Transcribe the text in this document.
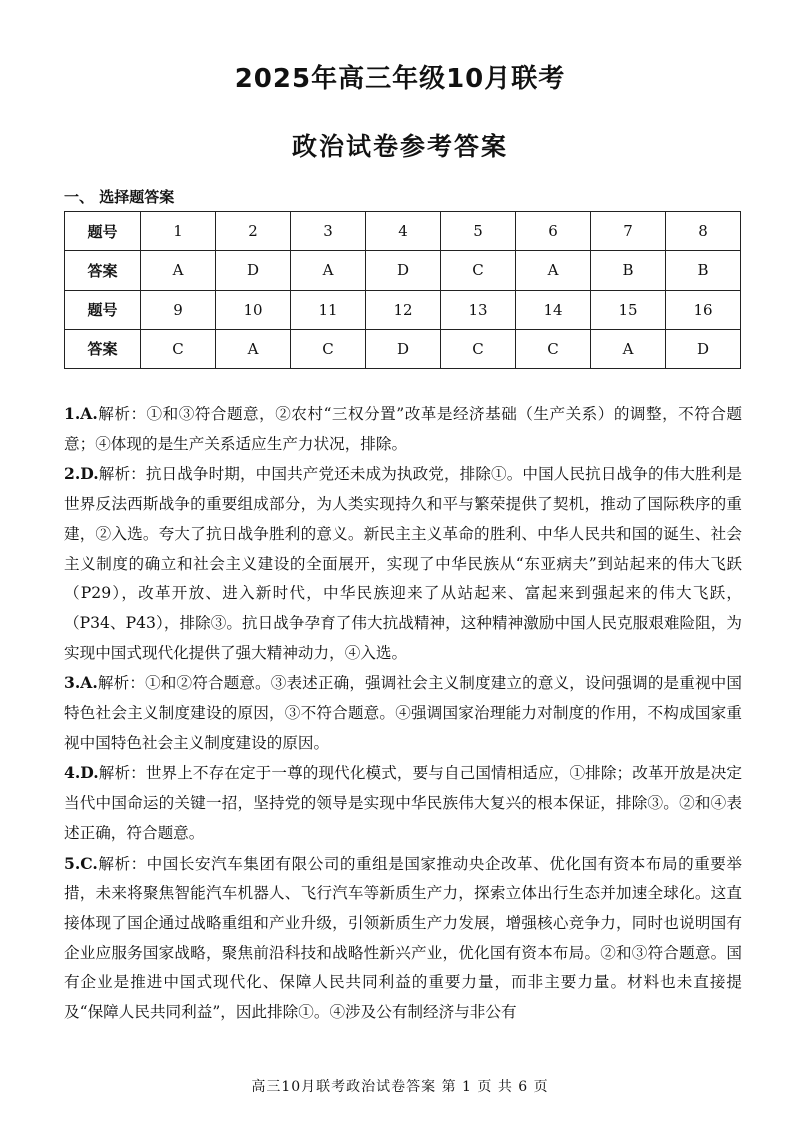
2025年高三年级10月联考
政治试卷参考答案
一、 选择题答案
题号	1	2	3	4	5	6	7	8
答案	A	D	A	D	C	A	B	B
题号	9	10	11	12	13	14	15	16
答案	C	A	C	D	C	C	A	D

1.A.解析：①和③符合题意，②农村“三权分置”改革是经济基础（生产关系）的调整，不符合题意；④体现的是生产关系适应生产力状况，排除。

2.D.解析：抗日战争时期，中国共产党还未成为执政党，排除①。中国人民抗日战争的伟大胜利是世界反法西斯战争的重要组成部分，为人类实现持久和平与繁荣提供了契机，推动了国际秩序的重建，②入选。夸大了抗日战争胜利的意义。新民主主义革命的胜利、中华人民共和国的诞生、社会主义制度的确立和社会主义建设的全面展开，实现了中华民族从“东亚病夫”到站起来的伟大飞跃（P29），改革开放、进入新时代，中华民族迎来了从站起来、富起来到强起来的伟大飞跃，（P34、P43），排除③。抗日战争孕育了伟大抗战精神，这种精神激励中国人民克服艰难险阻，为实现中国式现代化提供了强大精神动力，④入选。

3.A.解析：①和②符合题意。③表述正确，强调社会主义制度建立的意义，设问强调的是重视中国特色社会主义制度建设的原因，③不符合题意。④强调国家治理能力对制度的作用，不构成国家重视中国特色社会主义制度建设的原因。

4.D.解析：世界上不存在定于一尊的现代化模式，要与自己国情相适应，①排除；改革开放是决定当代中国命运的关键一招，坚持党的领导是实现中华民族伟大复兴的根本保证，排除③。②和④表述正确，符合题意。

5.C.解析：中国长安汽车集团有限公司的重组是国家推动央企改革、优化国有资本布局的重要举措，未来将聚焦智能汽车机器人、飞行汽车等新质生产力，探索立体出行生态并加速全球化。这直接体现了国企通过战略重组和产业升级，引领新质生产力发展，增强核心竞争力，同时也说明国有企业应服务国家战略，聚焦前沿科技和战略性新兴产业，优化国有资本布局。②和③符合题意。国有企业是推进中国式现代化、保障人民共同利益的重要力量，而非主要力量。材料也未直接提及“保障人民共同利益”，因此排除①。④涉及公有制经济与非公有

高三10月联考政治试卷答案 第 1 页 共 6 页
